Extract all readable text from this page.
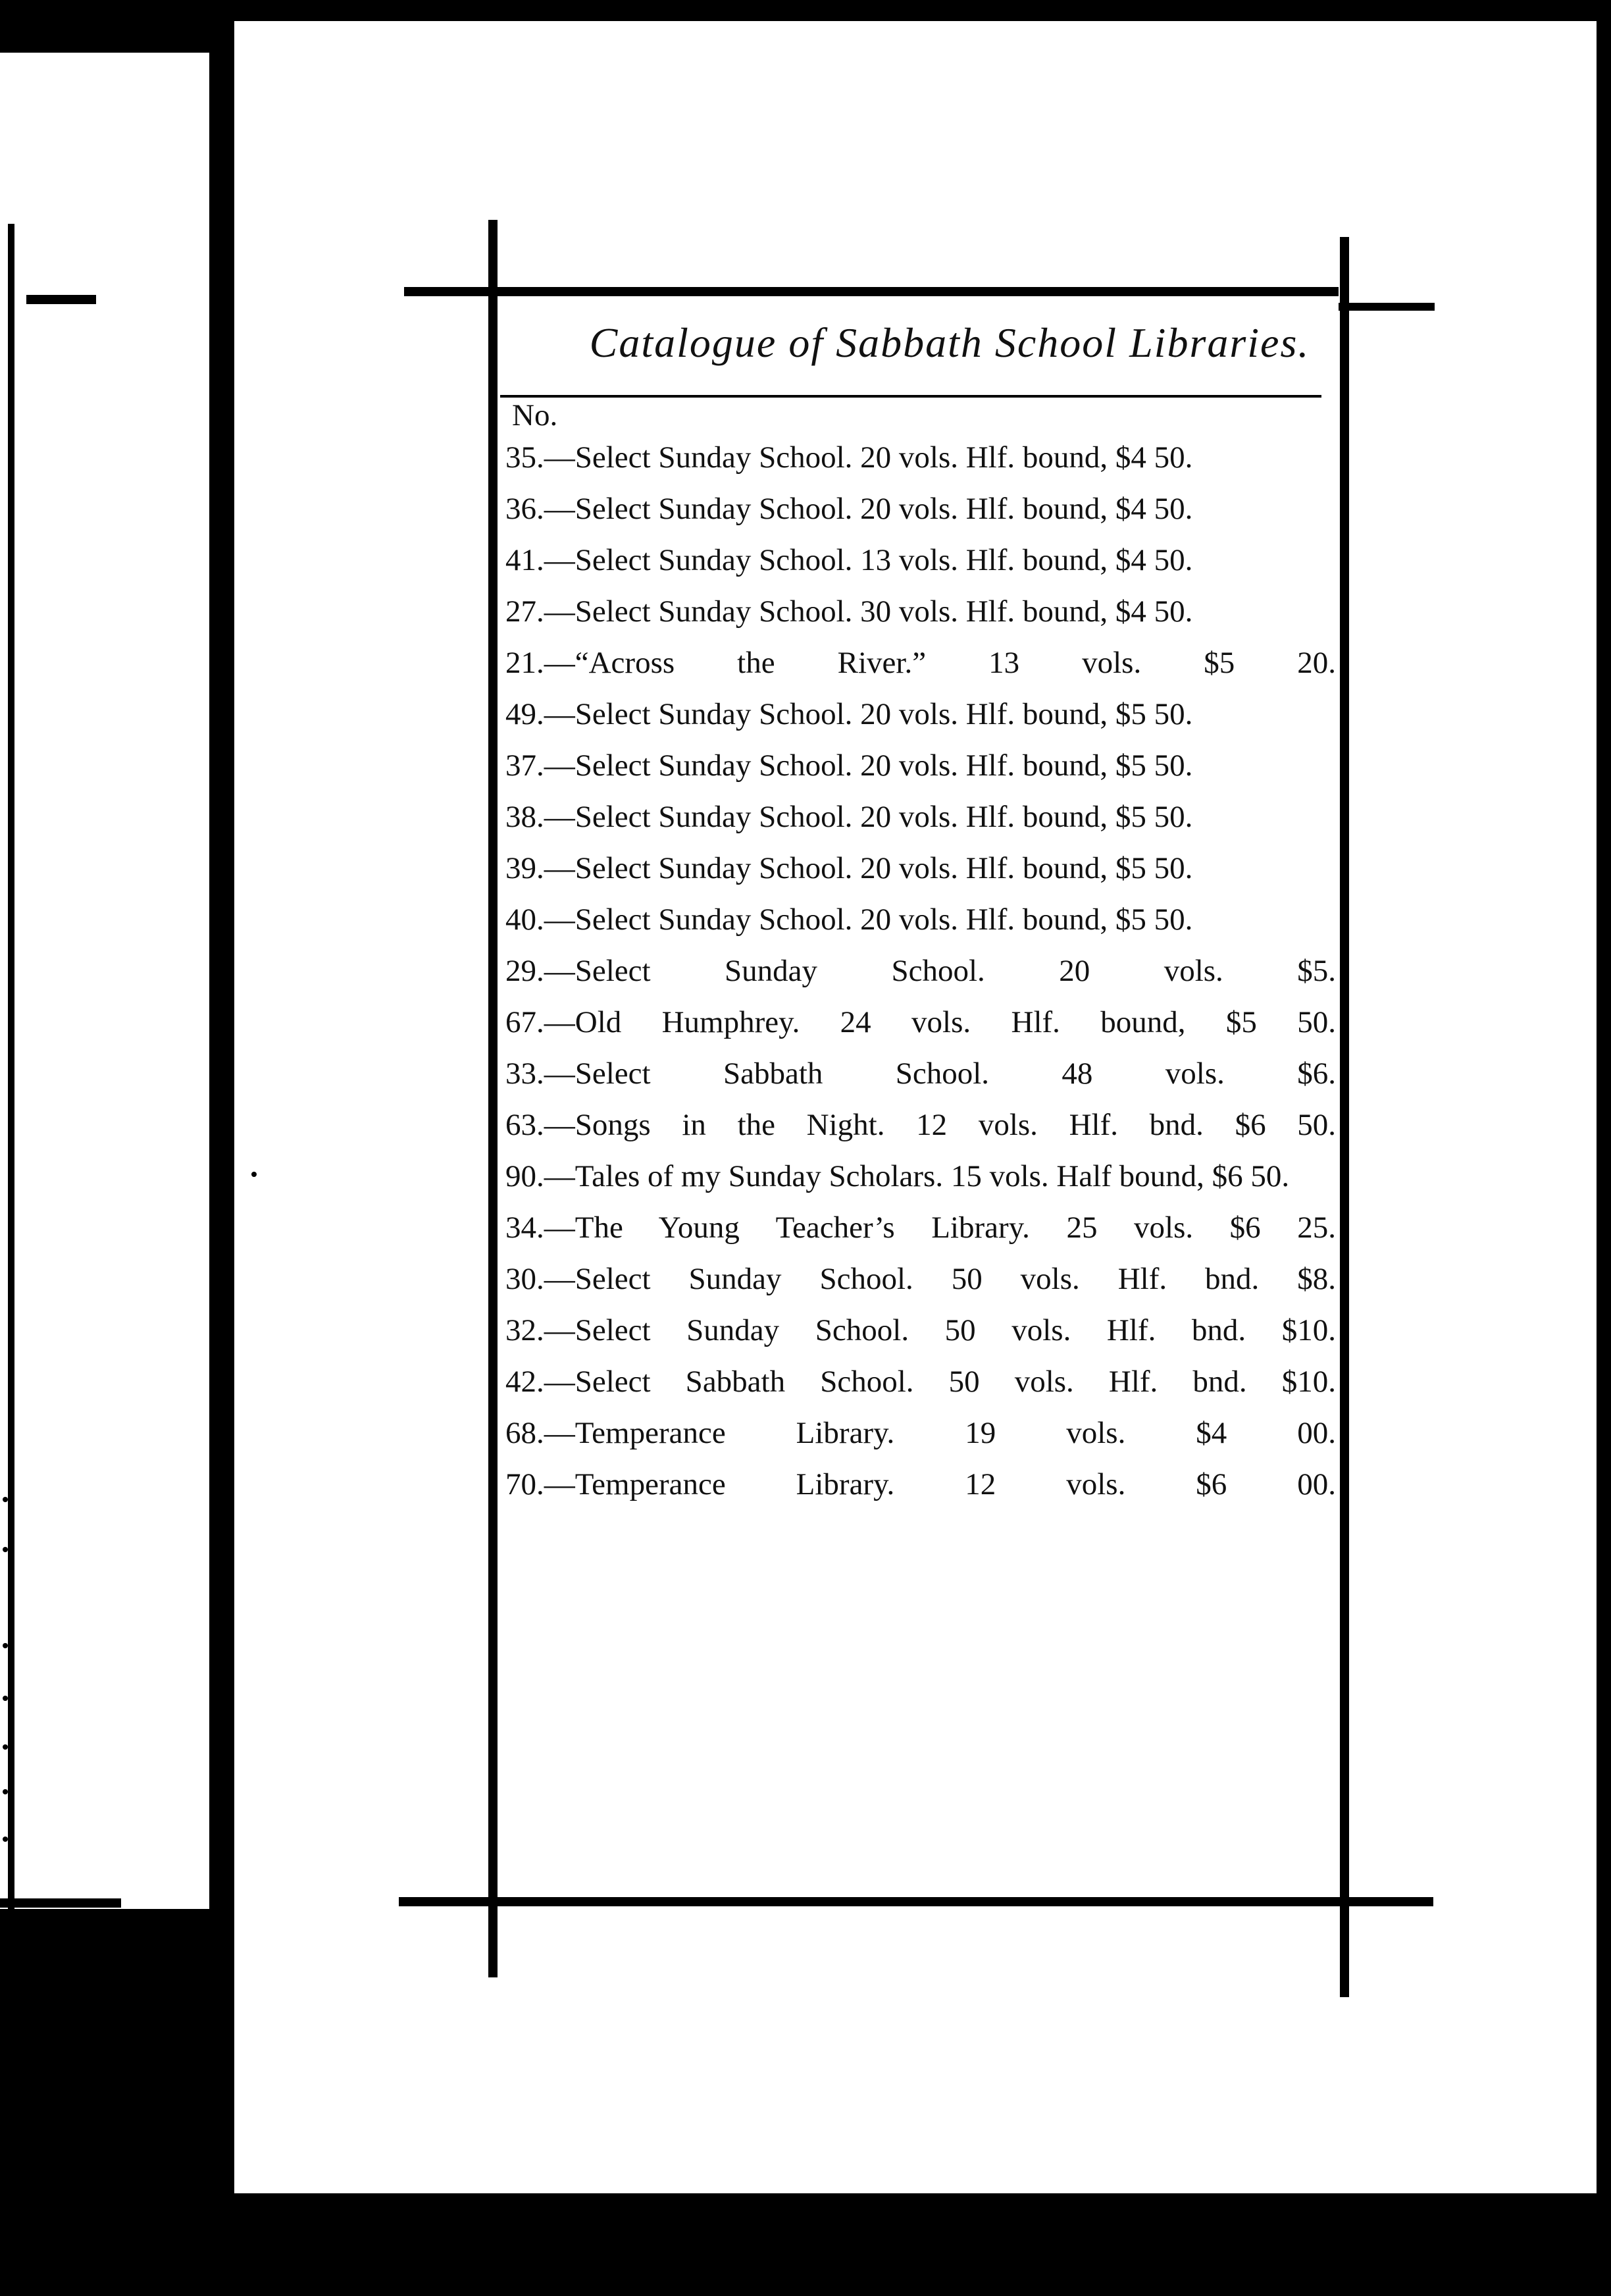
Catalogue of Sabbath School Libraries.
No.
35.—Select Sunday School. 20 vols. Hlf. bound, $4 50.
36.—Select Sunday School. 20 vols. Hlf. bound, $4 50.
41.—Select Sunday School. 13 vols. Hlf. bound, $4 50.
27.—Select Sunday School. 30 vols. Hlf. bound, $4 50.
21.—“Across the River.” 13 vols. $5 20.
49.—Select Sunday School. 20 vols. Hlf. bound, $5 50.
37.—Select Sunday School. 20 vols. Hlf. bound, $5 50.
38.—Select Sunday School. 20 vols. Hlf. bound, $5 50.
39.—Select Sunday School. 20 vols. Hlf. bound, $5 50.
40.—Select Sunday School. 20 vols. Hlf. bound, $5 50.
29.—Select Sunday School. 20 vols. $5.
67.—Old Humphrey. 24 vols. Hlf. bound, $5 50.
33.—Select Sabbath School. 48 vols. $6.
63.—Songs in the Night. 12 vols. Hlf. bnd. $6 50.
90.—Tales of my Sunday Scholars. 15 vols. Half bound, $6 50.
34.—The Young Teacher’s Library. 25 vols. $6 25.
30.—Select Sunday School. 50 vols. Hlf. bnd. $8.
32.—Select Sunday School. 50 vols. Hlf. bnd. $10.
42.—Select Sabbath School. 50 vols. Hlf. bnd. $10.
68.—Temperance Library. 19 vols. $4 00.
70.—Temperance Library. 12 vols. $6 00.
